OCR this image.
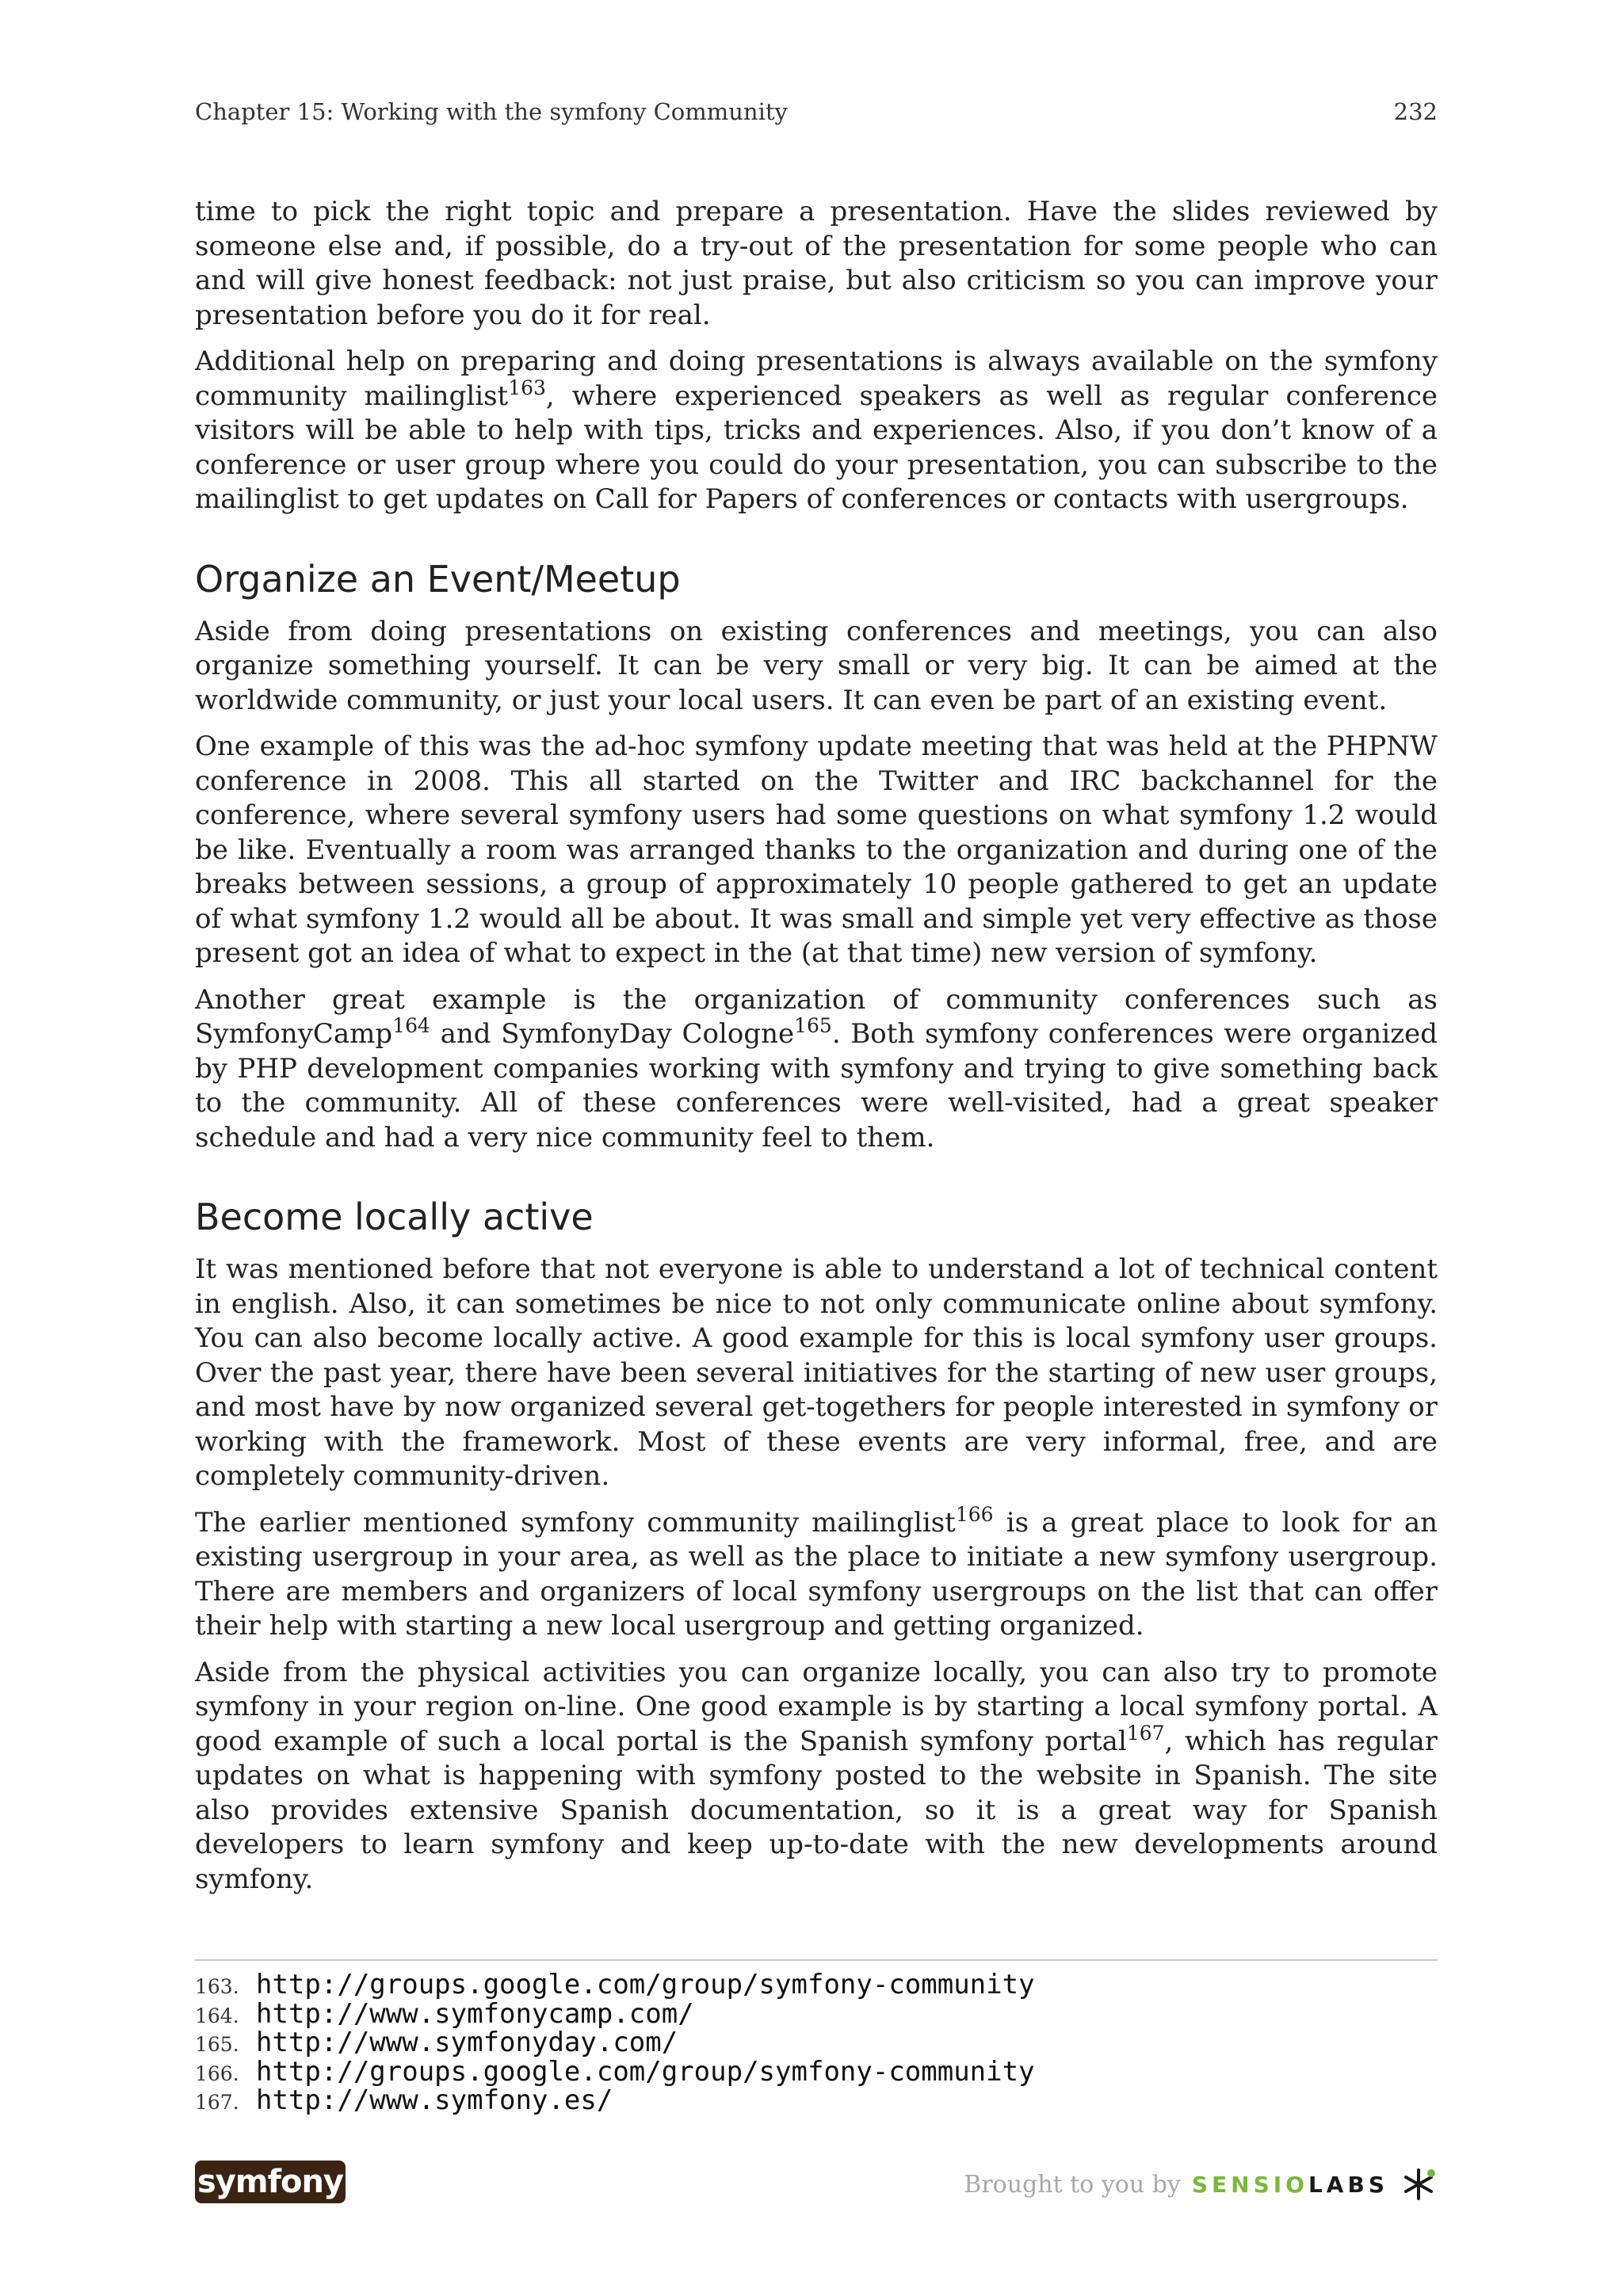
Chapter 15: Working with the symfony Community	232

time to pick the right topic and prepare a presentation. Have the slides reviewed by someone else and, if possible, do a try-out of the presentation for some people who can and will give honest feedback: not just praise, but also criticism so you can improve your presentation before you do it for real.

Additional help on preparing and doing presentations is always available on the symfony community mailinglist$^{163}$, where experienced speakers as well as regular conference visitors will be able to help with tips, tricks and experiences. Also, if you don’t know of a conference or user group where you could do your presentation, you can subscribe to the mailinglist to get updates on Call for Papers of conferences or contacts with usergroups.

Organize an Event/Meetup

Aside from doing presentations on existing conferences and meetings, you can also organize something yourself. It can be very small or very big. It can be aimed at the worldwide community, or just your local users. It can even be part of an existing event.

One example of this was the ad-hoc symfony update meeting that was held at the PHPNW conference in 2008. This all started on the Twitter and IRC backchannel for the conference, where several symfony users had some questions on what symfony 1.2 would be like. Eventually a room was arranged thanks to the organization and during one of the breaks between sessions, a group of approximately 10 people gathered to get an update of what symfony 1.2 would all be about. It was small and simple yet very effective as those present got an idea of what to expect in the (at that time) new version of symfony.

Another great example is the organization of community conferences such as SymfonyCamp$^{164}$ and SymfonyDay Cologne$^{165}$. Both symfony conferences were organized by PHP development companies working with symfony and trying to give something back to the community. All of these conferences were well-visited, had a great speaker schedule and had a very nice community feel to them.

Become locally active

It was mentioned before that not everyone is able to understand a lot of technical content in english. Also, it can sometimes be nice to not only communicate online about symfony. You can also become locally active. A good example for this is local symfony user groups. Over the past year, there have been several initiatives for the starting of new user groups, and most have by now organized several get-togethers for people interested in symfony or working with the framework. Most of these events are very informal, free, and are completely community-driven.

The earlier mentioned symfony community mailinglist$^{166}$ is a great place to look for an existing usergroup in your area, as well as the place to initiate a new symfony usergroup. There are members and organizers of local symfony usergroups on the list that can offer their help with starting a new local usergroup and getting organized.

Aside from the physical activities you can organize locally, you can also try to promote symfony in your region on-line. One good example is by starting a local symfony portal. A good example of such a local portal is the Spanish symfony portal$^{167}$, which has regular updates on what is happening with symfony posted to the website in Spanish. The site also provides extensive Spanish documentation, so it is a great way for Spanish developers to learn symfony and keep up-to-date with the new developments around symfony.

163. http://groups.google.com/group/symfony-community
164. http://www.symfonycamp.com/
165. http://www.symfonyday.com/
166. http://groups.google.com/group/symfony-community
167. http://www.symfony.es/
symfony	Brought to you by SENSIO LABS
